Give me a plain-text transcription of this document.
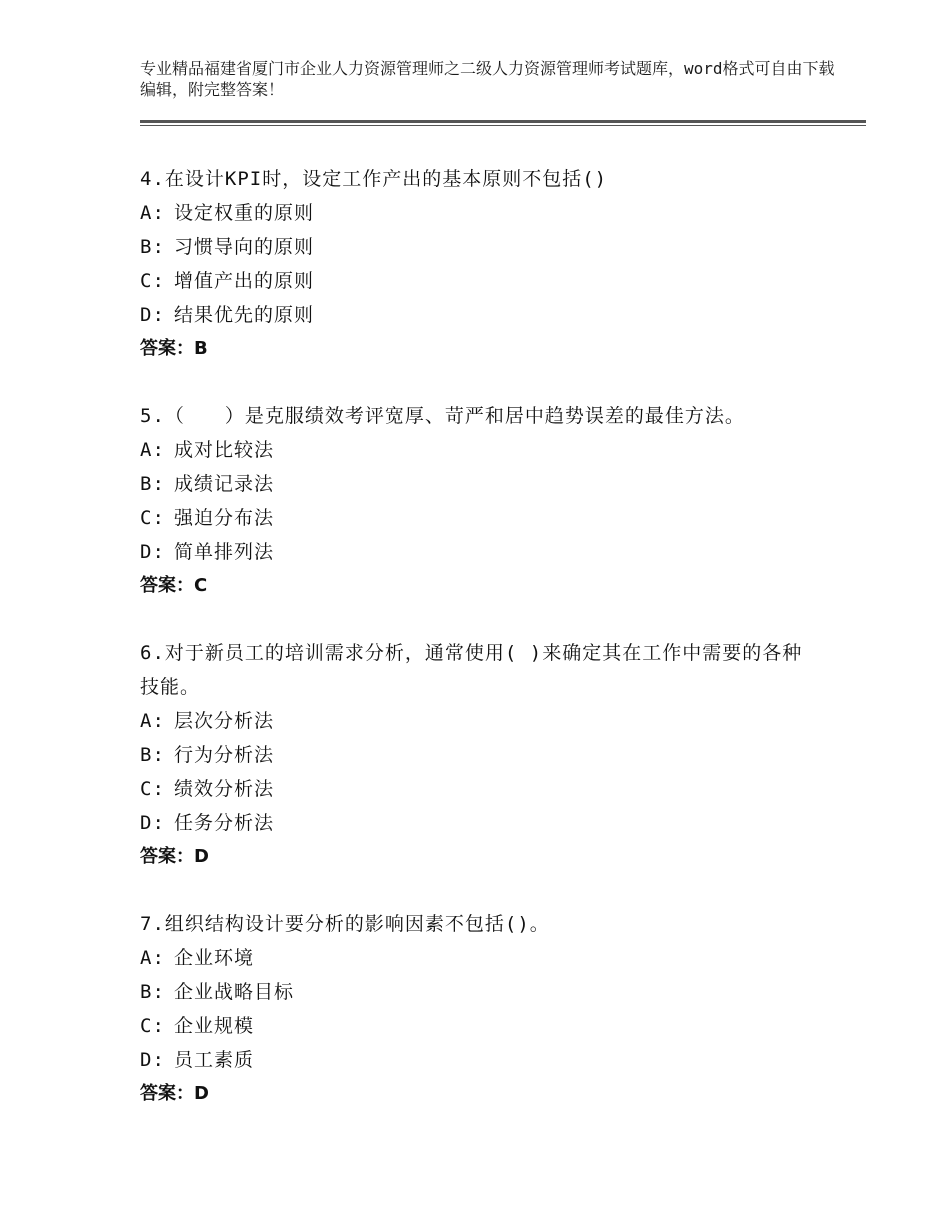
专业精品福建省厦门市企业人力资源管理师之二级人力资源管理师考试题库，word格式可自由下载编辑，附完整答案！
4.在设计KPI时，设定工作产出的基本原则不包括()
A: 设定权重的原则
B: 习惯导向的原则
C: 增值产出的原则
D: 结果优先的原则
答案：B
5.（　　）是克服绩效考评宽厚、苛严和居中趋势误差的最佳方法。
A: 成对比较法
B: 成绩记录法
C: 强迫分布法
D: 简单排列法
答案：C
6.对于新员工的培训需求分析，通常使用( )来确定其在工作中需要的各种技能。
A: 层次分析法
B: 行为分析法
C: 绩效分析法
D: 任务分析法
答案：D
7.组织结构设计要分析的影响因素不包括()。
A: 企业环境
B: 企业战略目标
C: 企业规模
D: 员工素质
答案：D
